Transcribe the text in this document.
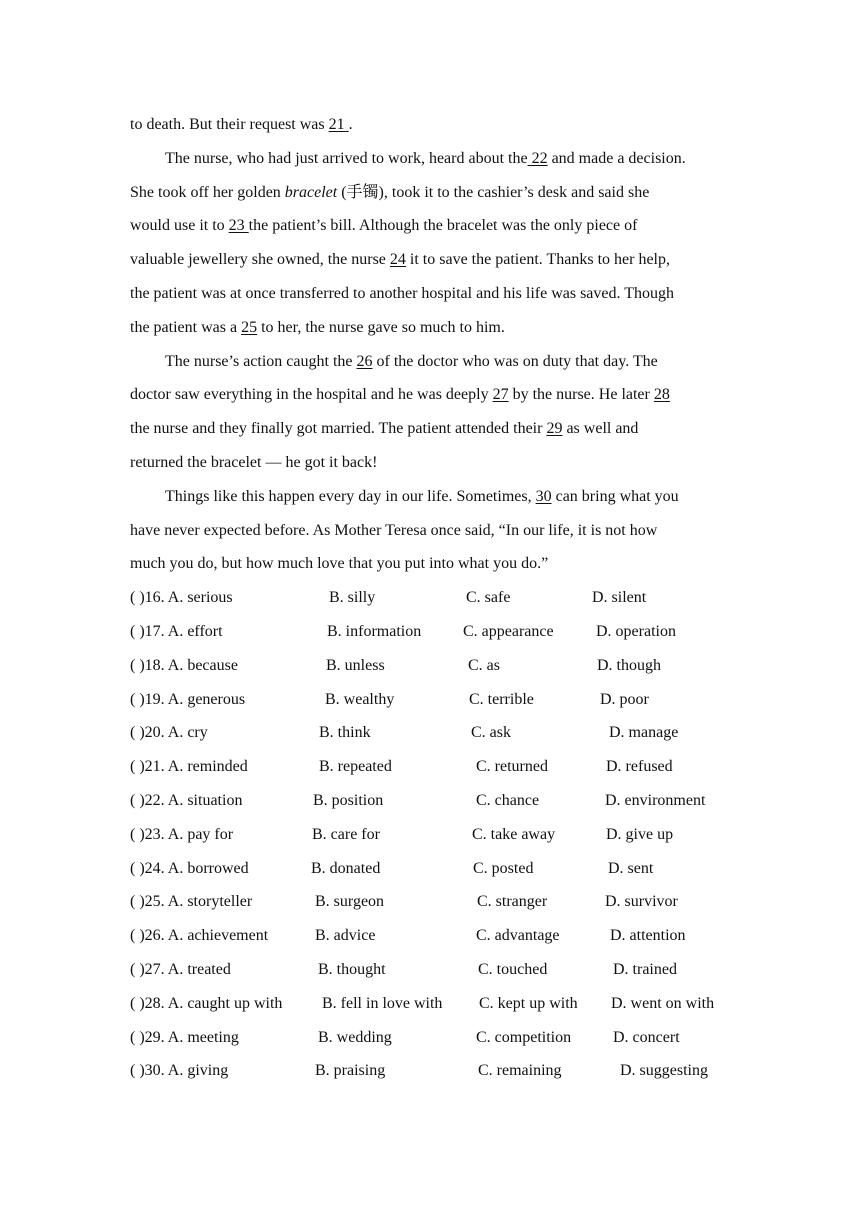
to death. But their request was 21 .
The nurse, who had just arrived to work, heard about the 22 and made a decision.
She took off her golden bracelet (手镯), took it to the cashier’s desk and said she
would use it to 23 the patient’s bill. Although the bracelet was the only piece of
valuable jewellery she owned, the nurse 24 it to save the patient. Thanks to her help,
the patient was at once transferred to another hospital and his life was saved. Though
the patient was a 25 to her, the nurse gave so much to him.
The nurse’s action caught the 26 of the doctor who was on duty that day. The
doctor saw everything in the hospital and he was deeply 27 by the nurse. He later 28
the nurse and they finally got married. The patient attended their 29 as well and
returned the bracelet — he got it back!
Things like this happen every day in our life. Sometimes, 30 can bring what you
have never expected before. As Mother Teresa once said, “In our life, it is not how
much you do, but how much love that you put into what you do.”
( )16. A. serious	B. silly	C. safe	D. silent
( )17. A. effort	B. information	C. appearance	D. operation
( )18. A. because	B. unless	C. as	D. though
( )19. A. generous	B. wealthy	C. terrible	D. poor
( )20. A. cry	B. think	C. ask	D. manage
( )21. A. reminded	B. repeated	C. returned	D. refused
( )22. A. situation	B. position	C. chance	D. environment
( )23. A. pay for	B. care for	C. take away	D. give up
( )24. A. borrowed	B. donated	C. posted	D. sent
( )25. A. storyteller	B. surgeon	C. stranger	D. survivor
( )26. A. achievement	B. advice	C. advantage	D. attention
( )27. A. treated	B. thought	C. touched	D. trained
( )28. A. caught up with B. fell in love with C. kept up with D. went on with
( )29. A. meeting	B. wedding	C. competition	D. concert
( )30. A. giving	B. praising	C. remaining	D. suggesting
